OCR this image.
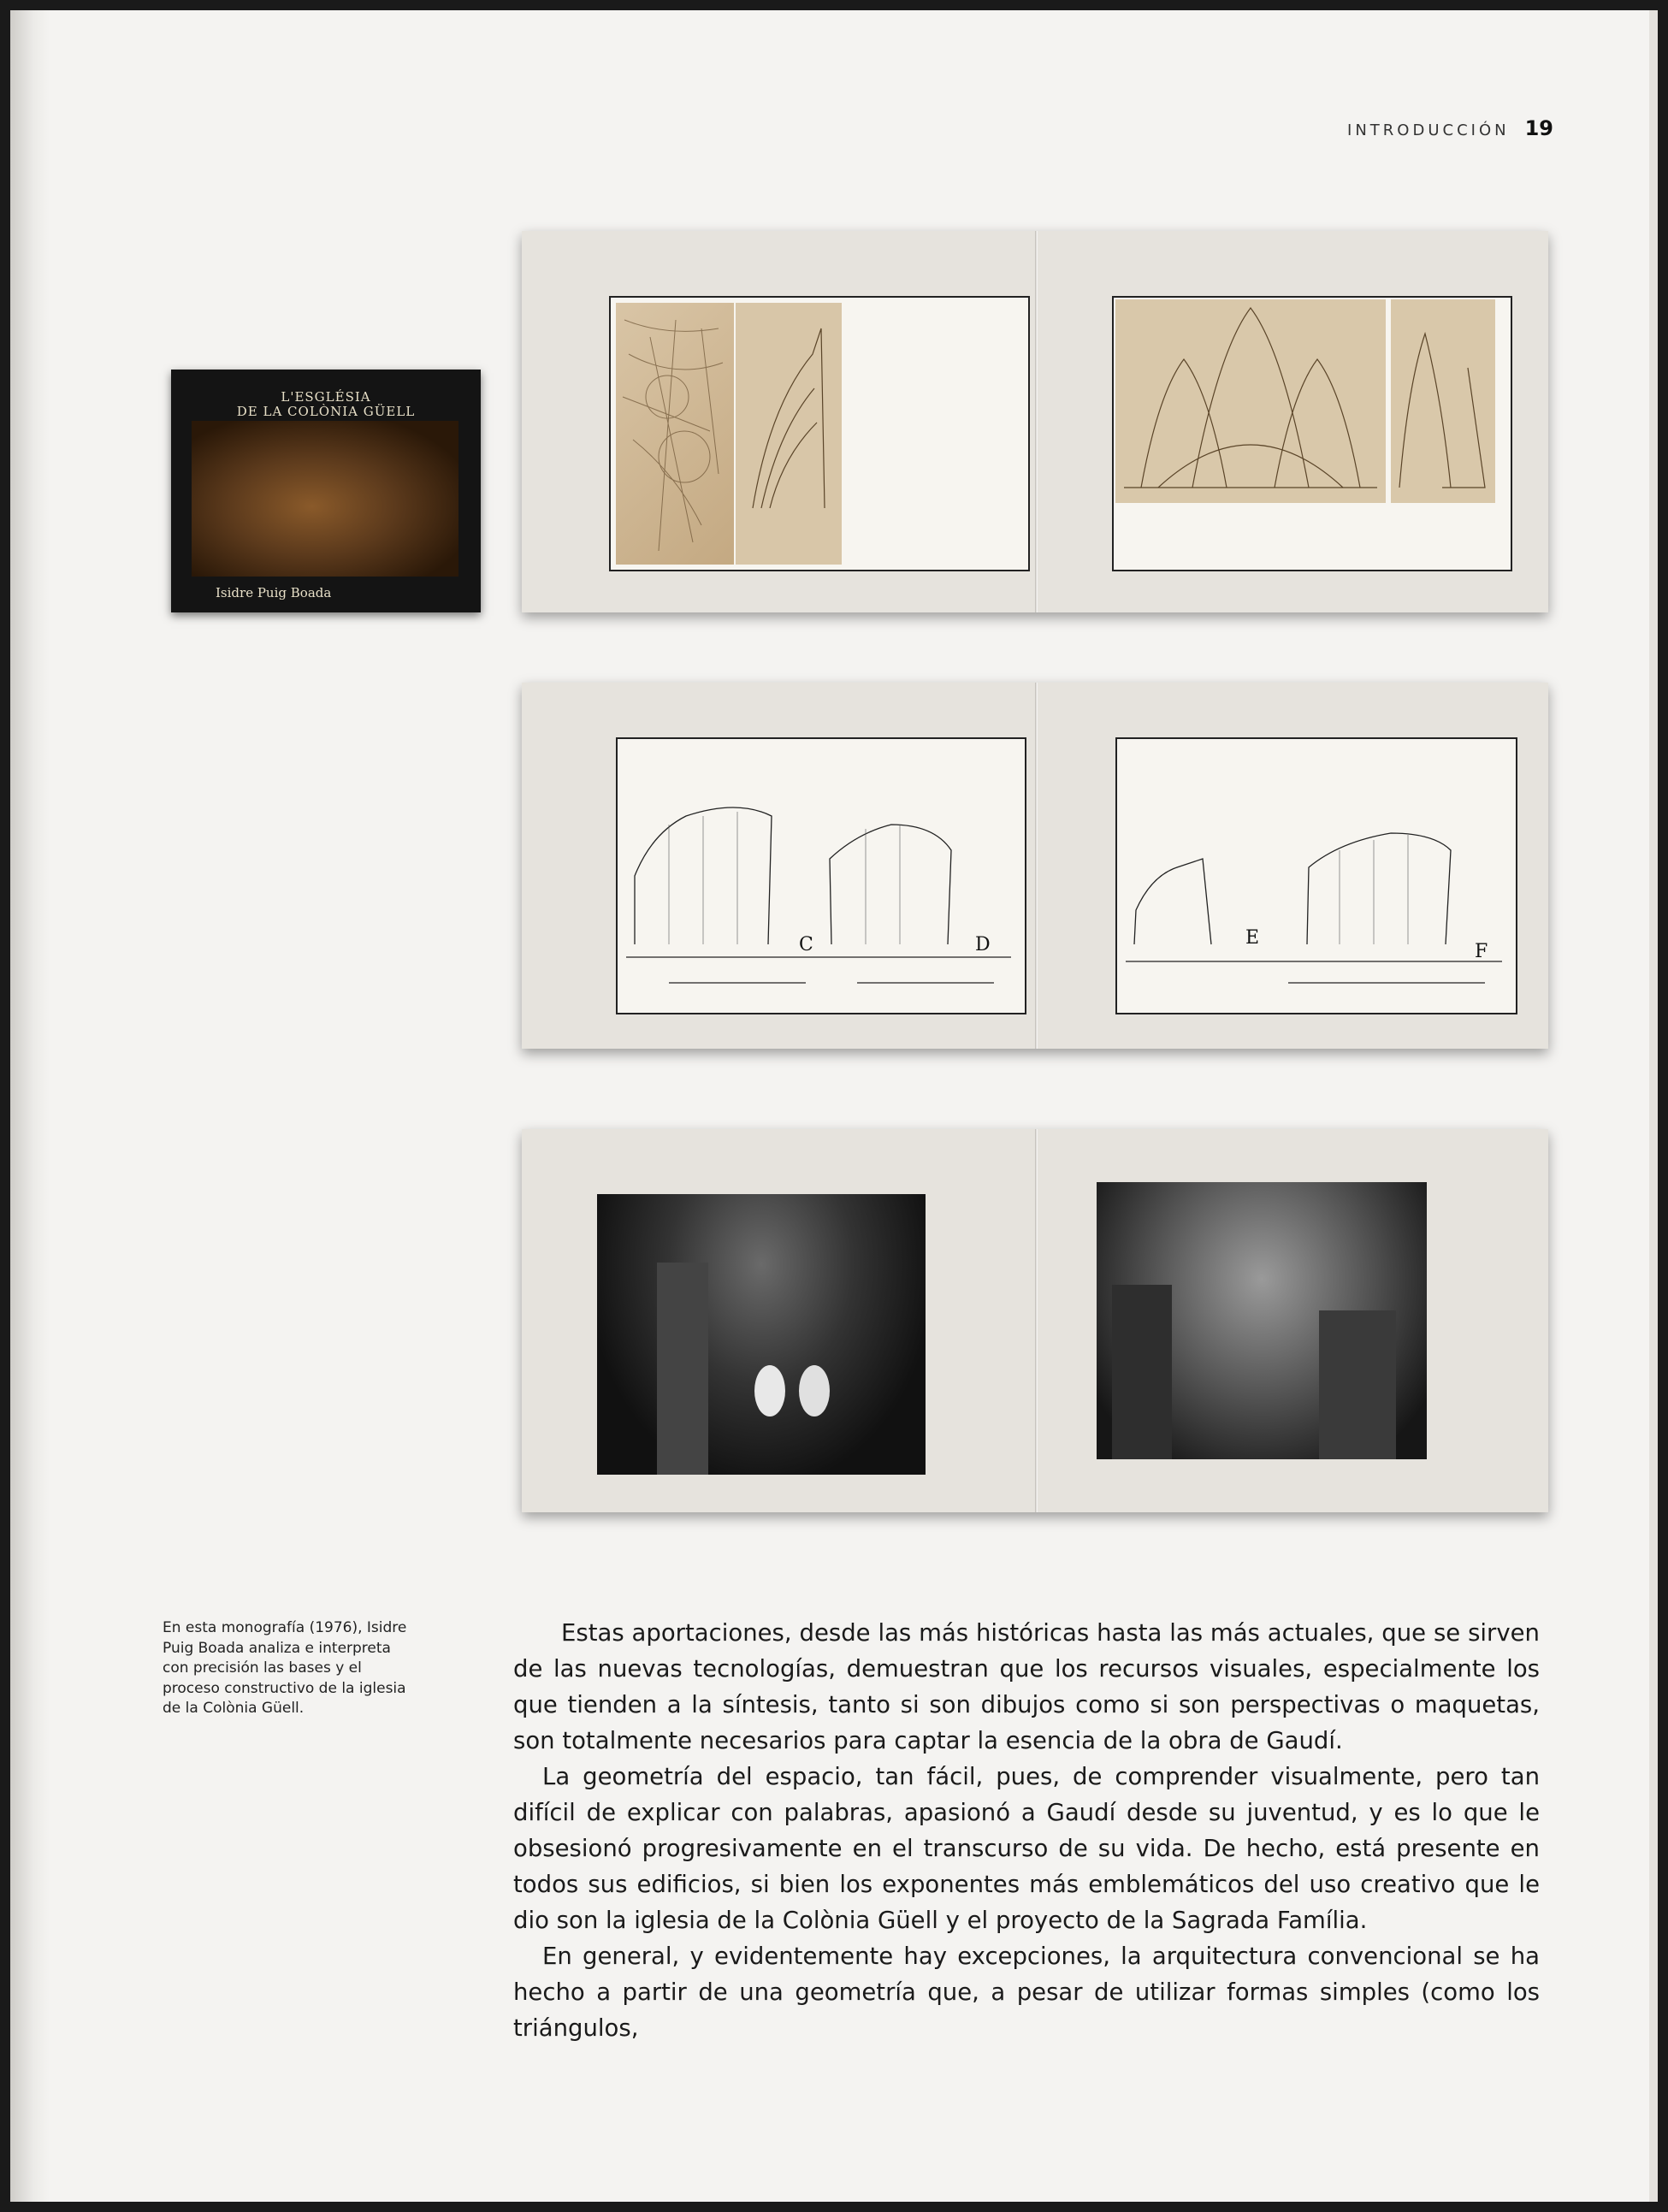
INTRODUCCIÓN 19
L'ESGLÉSIA
DE LA COLÒNIA GÜELL
Isidre Puig Boada
C	D	E
F
En esta monografía (1976), Isidre Puig Boada analiza e interpreta con precisión las bases y el proceso constructivo de la iglesia de la Colònia Güell.

Estas aportaciones, desde las más históricas hasta las más actuales, que se sirven de las nuevas tecnologías, demuestran que los recursos visuales, especialmente los que tienden a la síntesis, tanto si son dibujos como si son perspectivas o maquetas, son totalmente necesarios para captar la esencia de la obra de Gaudí.

La geometría del espacio, tan fácil, pues, de comprender visualmente, pero tan difícil de explicar con palabras, apasionó a Gaudí desde su juventud, y es lo que le obsesionó progresivamente en el transcurso de su vida. De hecho, está presente en todos sus edificios, si bien los exponentes más emblemáticos del uso creativo que le dio son la iglesia de la Colònia Güell y el proyecto de la Sagrada Família.

En general, y evidentemente hay excepciones, la arquitectura convencional se ha hecho a partir de una geometría que, a pesar de utilizar formas simples (como los triángulos,
